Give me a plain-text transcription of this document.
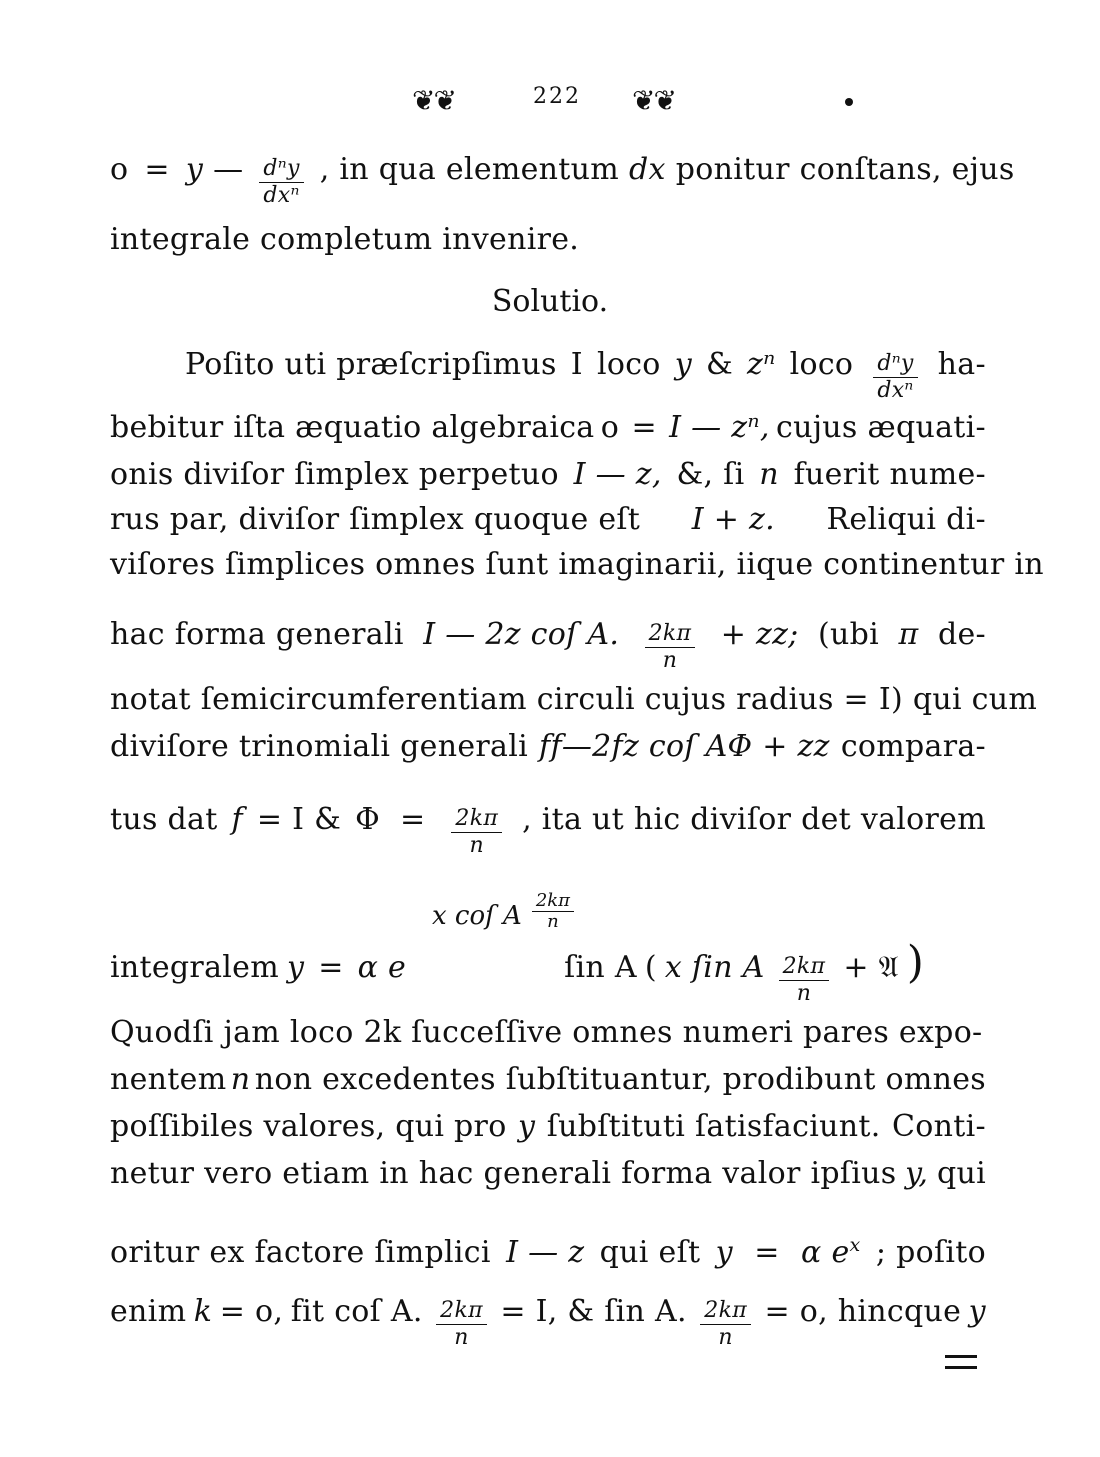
❦❦	222 ❦❦
o = y — $\frac{\text{dⁿy}}{\text{dxⁿ}}$ , in qua elementum dx ponitur conſtans, ejus
integrale completum invenire.
Solutio.
Poſito uti præſcripſimus I loco y & zⁿ loco $\frac{\text{dⁿy}}{\text{dxⁿ}} ha-$
bebitur iſta æquatio algebraica o = I — zⁿ, cujus æquati-
onis diviſor ſimplex perpetuo I — z, &, ſi n fuerit nume-
rus par, diviſor ſimplex quoque eſt I + z. Reliqui di-
viſores ſimplices omnes ſunt imaginarii, iique continentur in
hac forma generali I — 2z coſ A. $\frac{2k\pi}{n}$ + zz; (ubi π de-
notat ſemicircumferentiam circuli cujus radius = I) qui cum
diviſore trinomiali generali ff—2fz coſ AΦ + zz compara-
tus dat f = I & $\Phi = \frac{2k\pi}{n}$ , ita ut hic diviſor det valorem
x coſ A $\frac{2k\pi}{n}$
integralem y = α e	ſin A ( x ſin A $\frac{2k\pi}{n}$ + 𝔄 )
Quodſi jam loco 2k ſucceſſive omnes numeri pares expo-
nentem n non excedentes ſubſtituantur, prodibunt omnes
poſſibiles valores, qui pro y ſubſtituti ſatisfaciunt. Conti-
netur vero etiam in hac generali forma valor ipſius y, qui
oritur ex factore ſimplici I — z qui eſt y = α $e^x$ ; poſito
enim k = o, fit coſ A. $\frac{2k\pi}{n} = I$, & ſin A. $\frac{2k\pi}{n} = o$, hincque y
